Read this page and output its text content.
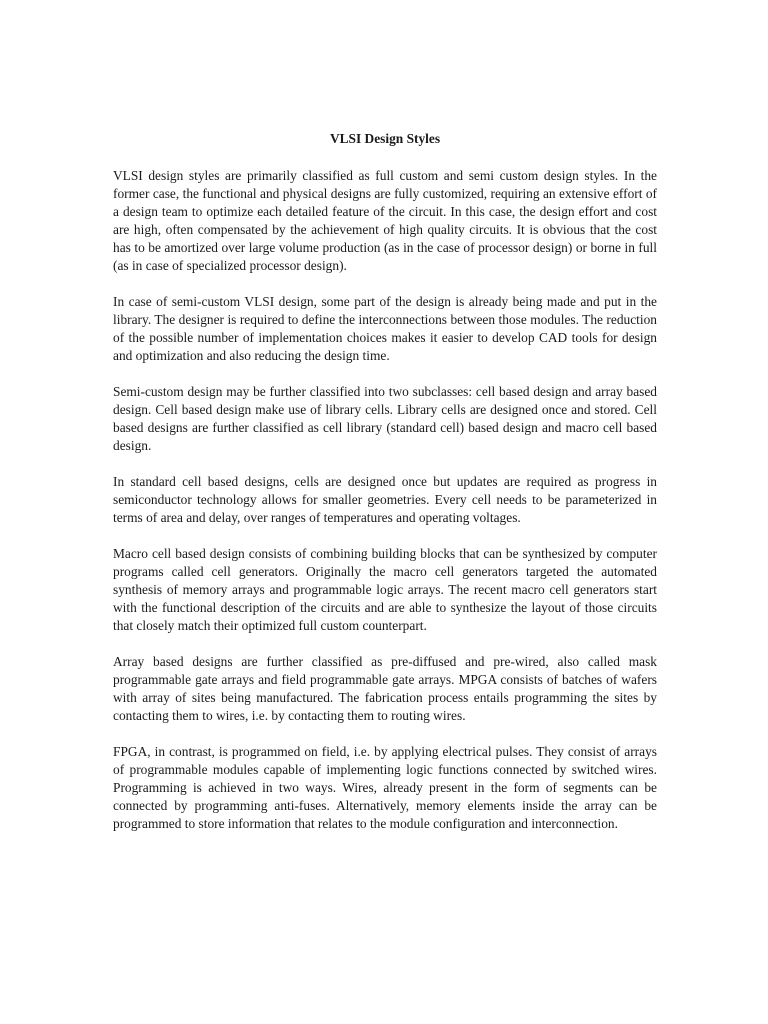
VLSI Design Styles

VLSI design styles are primarily classified as full custom and semi custom design styles. In the former case, the functional and physical designs are fully customized, requiring an extensive effort of a design team to optimize each detailed feature of the circuit. In this case, the design effort and cost are high, often compensated by the achievement of high quality circuits. It is obvious that the cost has to be amortized over large volume production (as in the case of processor design) or borne in full (as in case of specialized processor design).

In case of semi-custom VLSI design, some part of the design is already being made and put in the library. The designer is required to define the interconnections between those modules. The reduction of the possible number of implementation choices makes it easier to develop CAD tools for design and optimization and also reducing the design time.

Semi-custom design may be further classified into two subclasses: cell based design and array based design. Cell based design make use of library cells. Library cells are designed once and stored. Cell based designs are further classified as cell library (standard cell) based design and macro cell based design.

In standard cell based designs, cells are designed once but updates are required as progress in semiconductor technology allows for smaller geometries. Every cell needs to be parameterized in terms of area and delay, over ranges of temperatures and operating voltages.

Macro cell based design consists of combining building blocks that can be synthesized by computer programs called cell generators. Originally the macro cell generators targeted the automated synthesis of memory arrays and programmable logic arrays. The recent macro cell generators start with the functional description of the circuits and are able to synthesize the layout of those circuits that closely match their optimized full custom counterpart.

Array based designs are further classified as pre-diffused and pre-wired, also called mask programmable gate arrays and field programmable gate arrays. MPGA consists of batches of wafers with array of sites being manufactured. The fabrication process entails programming the sites by contacting them to wires, i.e. by contacting them to routing wires.

FPGA, in contrast, is programmed on field, i.e. by applying electrical pulses. They consist of arrays of programmable modules capable of implementing logic functions connected by switched wires. Programming is achieved in two ways. Wires, already present in the form of segments can be connected by programming anti-fuses. Alternatively, memory elements inside the array can be programmed to store information that relates to the module configuration and interconnection.
